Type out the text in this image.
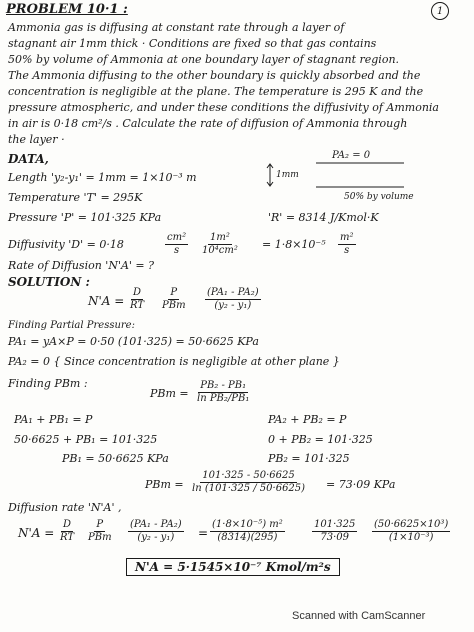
PROBLEM 10·1 :	1
Ammonia gas is diffusing at constant rate through a layer of
stagnant air 1mm thick · Conditions are fixed so that gas contains
50% by volume of Ammonia at one boundary layer of stagnant region.
The Ammonia diffusing to the other boundary is quickly absorbed and the
concentration is negligible at the plane. The temperature is 295 K and the
pressure atmospheric, and under these conditions the diffusivity of Ammonia
in air is 0·18 cm²/s . Calculate the rate of diffusion of Ammonia through
the layer ·
DATA,
Length 'y₂-y₁' = 1mm = 1×10⁻³ m
Temperature 'T' = 295K
Pressure 'P' = 101·325 KPa	'R' = 8314 J/Kmol·K
PA₂ = 0
1mm
50% by volume
Diffusivity 'D' = 0·18	$\frac{\text{cm²}}{s} \frac{\text{1m²}}{\text{10⁴cm²}} = 1\cdot 8\times 10^{-5} \frac{\text{m²}}{s}$
Rate of Diffusion 'N'A' = ?
SOLUTION :
$N'A = \frac{D}{RT}$ P
PBm $\frac{\text{(PA₁ - PA₂)}}{\text{(y₂ - y₁)}}$
Finding Partial Pressure:
PA₁ = yA×P = 0·50 (101·325) = 50·6625 KPa
PA₂ = 0 { Since concentration is negligible at other plane }
Finding PBm :
PBm = $\frac{\text{PB₂ - PB₁}}{\text{ln PB₂/PB₁}}$
PA₁ + PB₁ = P
50·6625 + PB₁ = 101·325
PB₁ = 50·6625 KPa
PA₂ + PB₂ = P
0 + PB₂ = 101·325
PB₂ = 101·325
PBm = $\frac{101\cdot 325 - 50\cdot 6625}{\ln (101\cdot 325 / 50\cdot 6625)} = 73\cdot 09$ KPa
Diffusion rate 'N'A' ,
$N'A = \frac{D}{RT}$ P
PBm $\frac{\text{(PA₁ - PA₂)}}{\text{(y₂ - y₁)}} = \frac{\text{(1·8×10⁻⁵) m²}}{(8314)(295)}$	$\frac{101\cdot 325}{73\cdot 09} \frac{\text{(50·6625×10³)}}{\text{(1×10⁻³)}}$
N'A = 5·1545×10⁻⁷ Kmol/m²s
Scanned with CamScanner
